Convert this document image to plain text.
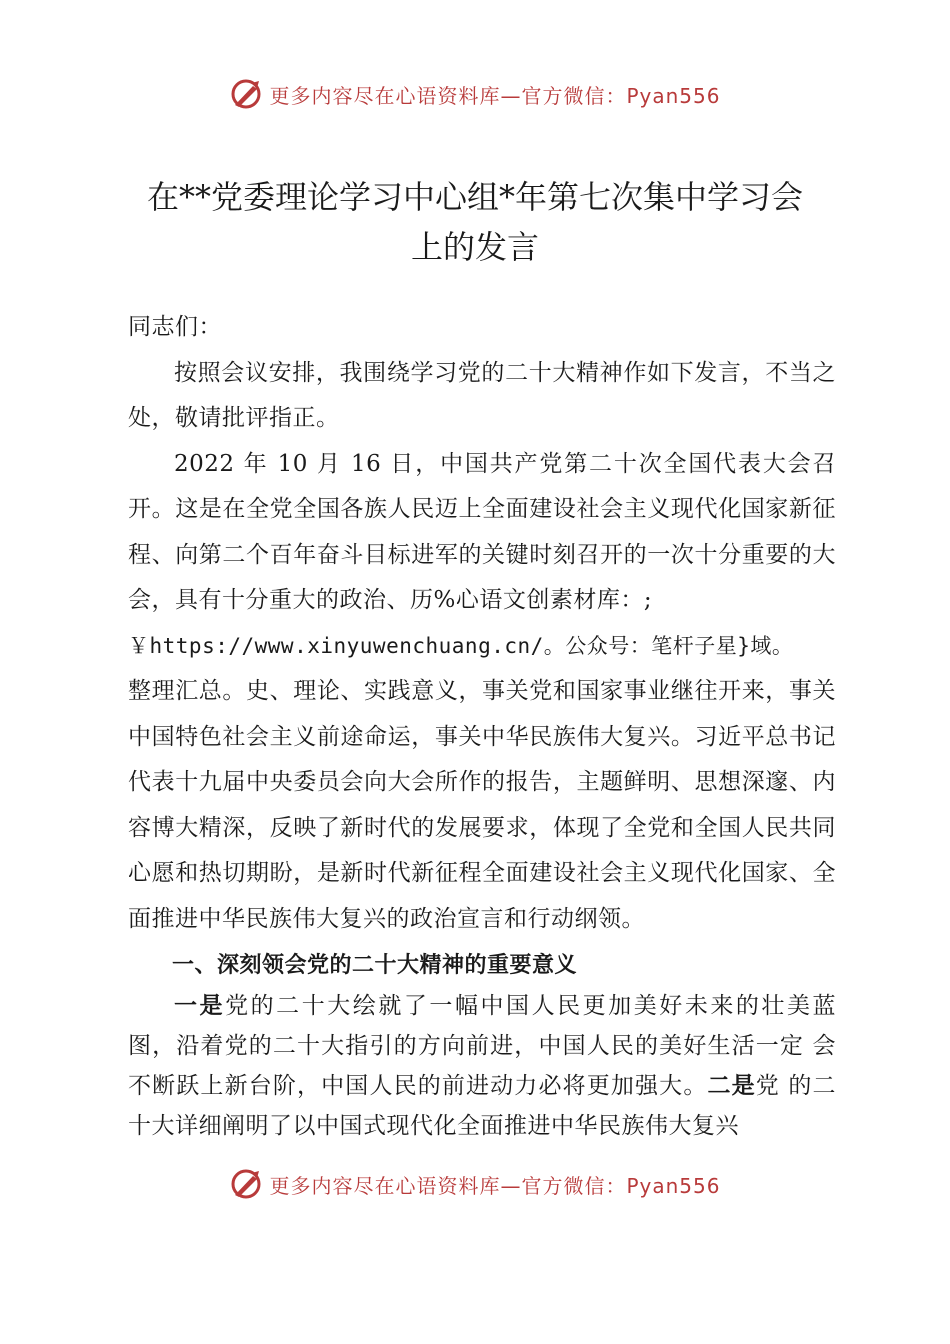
更多内容尽在心语资料库—官方微信：Pyan556
在**党委理论学习中心组*年第七次集中学习会
上的发言

同志们：

按照会议安排，我围绕学习党的二十大精神作如下发言，不当之处，敬请批评指正。

2022 年 10 月 16 日，中国共产党第二十次全国代表大会召开。这是在全党全国各族人民迈上全面建设社会主义现代化国家新征程、向第二个百年奋斗目标进军的关键时刻召开的一次十分重要的大会，具有十分重大的政治、历%心语文创素材库：;

￥https://www.xinyuwenchuang.cn/。公众号：笔杆子星}域。

整理汇总。史、理论、实践意义，事关党和国家事业继往开来，事关中国特色社会主义前途命运，事关中华民族伟大复兴。习近平总书记代表十九届中央委员会向大会所作的报告，主题鲜明、思想深邃、内容博大精深，反映了新时代的发展要求，体现了全党和全国人民共同心愿和热切期盼，是新时代新征程全面建设社会主义现代化国家、全面推进中华民族伟大复兴的政治宣言和行动纲领。

一、深刻领会党的二十大精神的重要意义

一是党的二十大绘就了一幅中国人民更加美好未来的壮美蓝 图，沿着党的二十大指引的方向前进，中国人民的美好生活一定 会不断跃上新台阶，中国人民的前进动力必将更加强大。二是党 的二十大详细阐明了以中国式现代化全面推进中华民族伟大复兴

更多内容尽在心语资料库—官方微信：Pyan556
